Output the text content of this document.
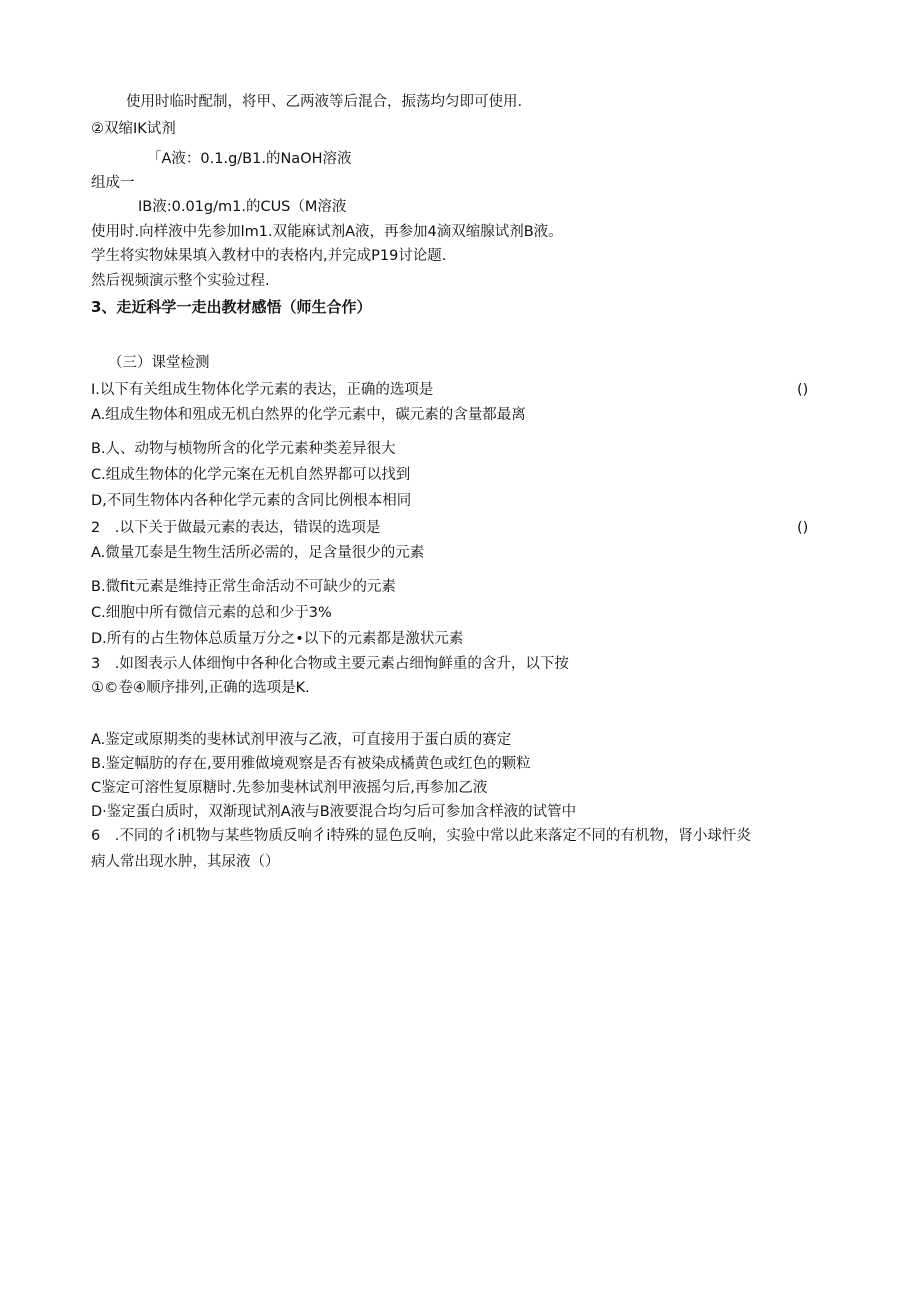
使用时临时配制，将甲、乙两液等后混合，振荡均匀即可使用.
②双缩IK试剂
「A液：0.1.g/B1.的NaOH溶液
组成一
IB液:0.01g/m1.的CUS（M溶液
使用时.向样液中先参加lm1.双能麻试剂A液，再参加4滴双缩腺试剂B液。
学生将实物妹果填入教材中的表格内,并完成P19讨论题.
然后视频演示整个实验过程.
3、走近科学一走出教材感悟（师生合作）
（三）课堂检测
I.以下有关组成生物体化学元素的表达，正确的选项是	()
A.组成生物体和殂成无机白然界的化学元素中，碳元素的含量都最离
B.人、动物与桢物所含的化学元素种类差异很大
C.组成生物体的化学元案在无机自然界都可以找到
D,不同生物体内各种化学元素的含同比例根本相同
2　.以下关于做最元素的表达，错误的选项是	()
A.微量兀泰是生物生活所必需的，足含量很少的元素
B.微fit元素是维持正常生命活动不可缺少的元素
C.细胞中所有微信元素的总和少于3%
D.所有的占生物体总质量万分之•以下的元素都是激状元素
3　.如图表示人体细恂中各种化合物或主要元素占细恂鲜重的含升，以下按
①©卷④顺序排列,正确的选项是K.
A.鉴定或原期类的斐林试剂甲液与乙液，可直接用于蛋白质的赛定
B.鉴定幅肪的存在,要用雅做境观察是否有被染成橘黄色或红色的颗粒
C鉴定可溶性复原糖时.先参加斐林试剂甲液摇匀后,再参加乙液
D·鉴定蛋白质时，双渐现试剂A液与B液要混合均匀后可参加含样液的试管中
6　.不同的彳i机物与某些物质反响彳i特殊的显色反响，实验中常以此来落定不同的有机物，肾小球忓炎
病人常出现水肿，其尿液（）
